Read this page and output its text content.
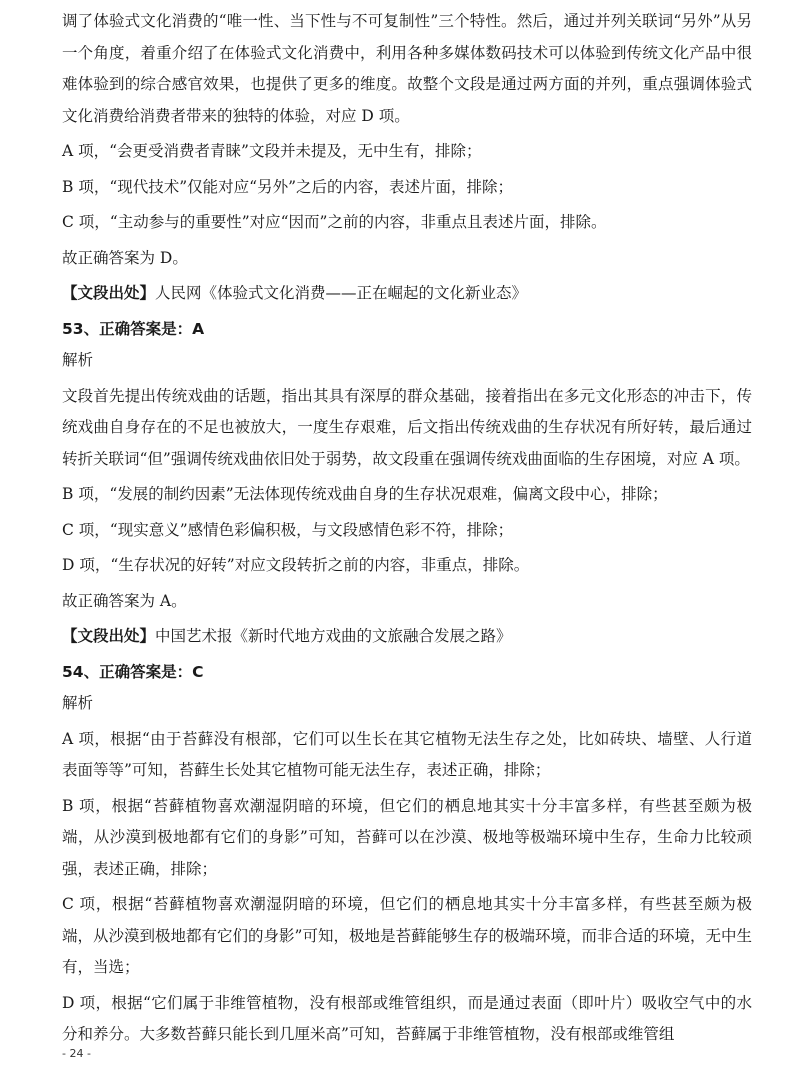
调了体验式文化消费的“唯一性、当下性与不可复制性”三个特性。然后，通过并列关联词“另外”从另一个角度，着重介绍了在体验式文化消费中，利用各种多媒体数码技术可以体验到传统文化产品中很难体验到的综合感官效果，也提供了更多的维度。故整个文段是通过两方面的并列，重点强调体验式文化消费给消费者带来的独特的体验，对应 D 项。

A 项，“会更受消费者青睐”文段并未提及，无中生有，排除；

B 项，“现代技术”仅能对应“另外”之后的内容，表述片面，排除；

C 项，“主动参与的重要性”对应“因而”之前的内容，非重点且表述片面，排除。

故正确答案为 D。

【文段出处】人民网《体验式文化消费——正在崛起的文化新业态》

53、正确答案是：A

解析

文段首先提出传统戏曲的话题，指出其具有深厚的群众基础，接着指出在多元文化形态的冲击下，传统戏曲自身存在的不足也被放大，一度生存艰难，后文指出传统戏曲的生存状况有所好转，最后通过转折关联词“但”强调传统戏曲依旧处于弱势，故文段重在强调传统戏曲面临的生存困境，对应 A 项。

B 项，“发展的制约因素”无法体现传统戏曲自身的生存状况艰难，偏离文段中心，排除；

C 项，“现实意义”感情色彩偏积极，与文段感情色彩不符，排除；

D 项，“生存状况的好转”对应文段转折之前的内容，非重点，排除。

故正确答案为 A。

【文段出处】中国艺术报《新时代地方戏曲的文旅融合发展之路》

54、正确答案是：C

解析

A 项，根据“由于苔藓没有根部，它们可以生长在其它植物无法生存之处，比如砖块、墙壁、人行道表面等等”可知，苔藓生长处其它植物可能无法生存，表述正确，排除；

B 项，根据“苔藓植物喜欢潮湿阴暗的环境，但它们的栖息地其实十分丰富多样，有些甚至颇为极端，从沙漠到极地都有它们的身影”可知，苔藓可以在沙漠、极地等极端环境中生存，生命力比较顽强，表述正确，排除；

C 项，根据“苔藓植物喜欢潮湿阴暗的环境，但它们的栖息地其实十分丰富多样，有些甚至颇为极端，从沙漠到极地都有它们的身影”可知，极地是苔藓能够生存的极端环境，而非合适的环境，无中生有，当选；

D 项，根据“它们属于非维管植物，没有根部或维管组织，而是通过表面（即叶片）吸收空气中的水分和养分。大多数苔藓只能长到几厘米高”可知，苔藓属于非维管植物，没有根部或维管组

- 24 -
